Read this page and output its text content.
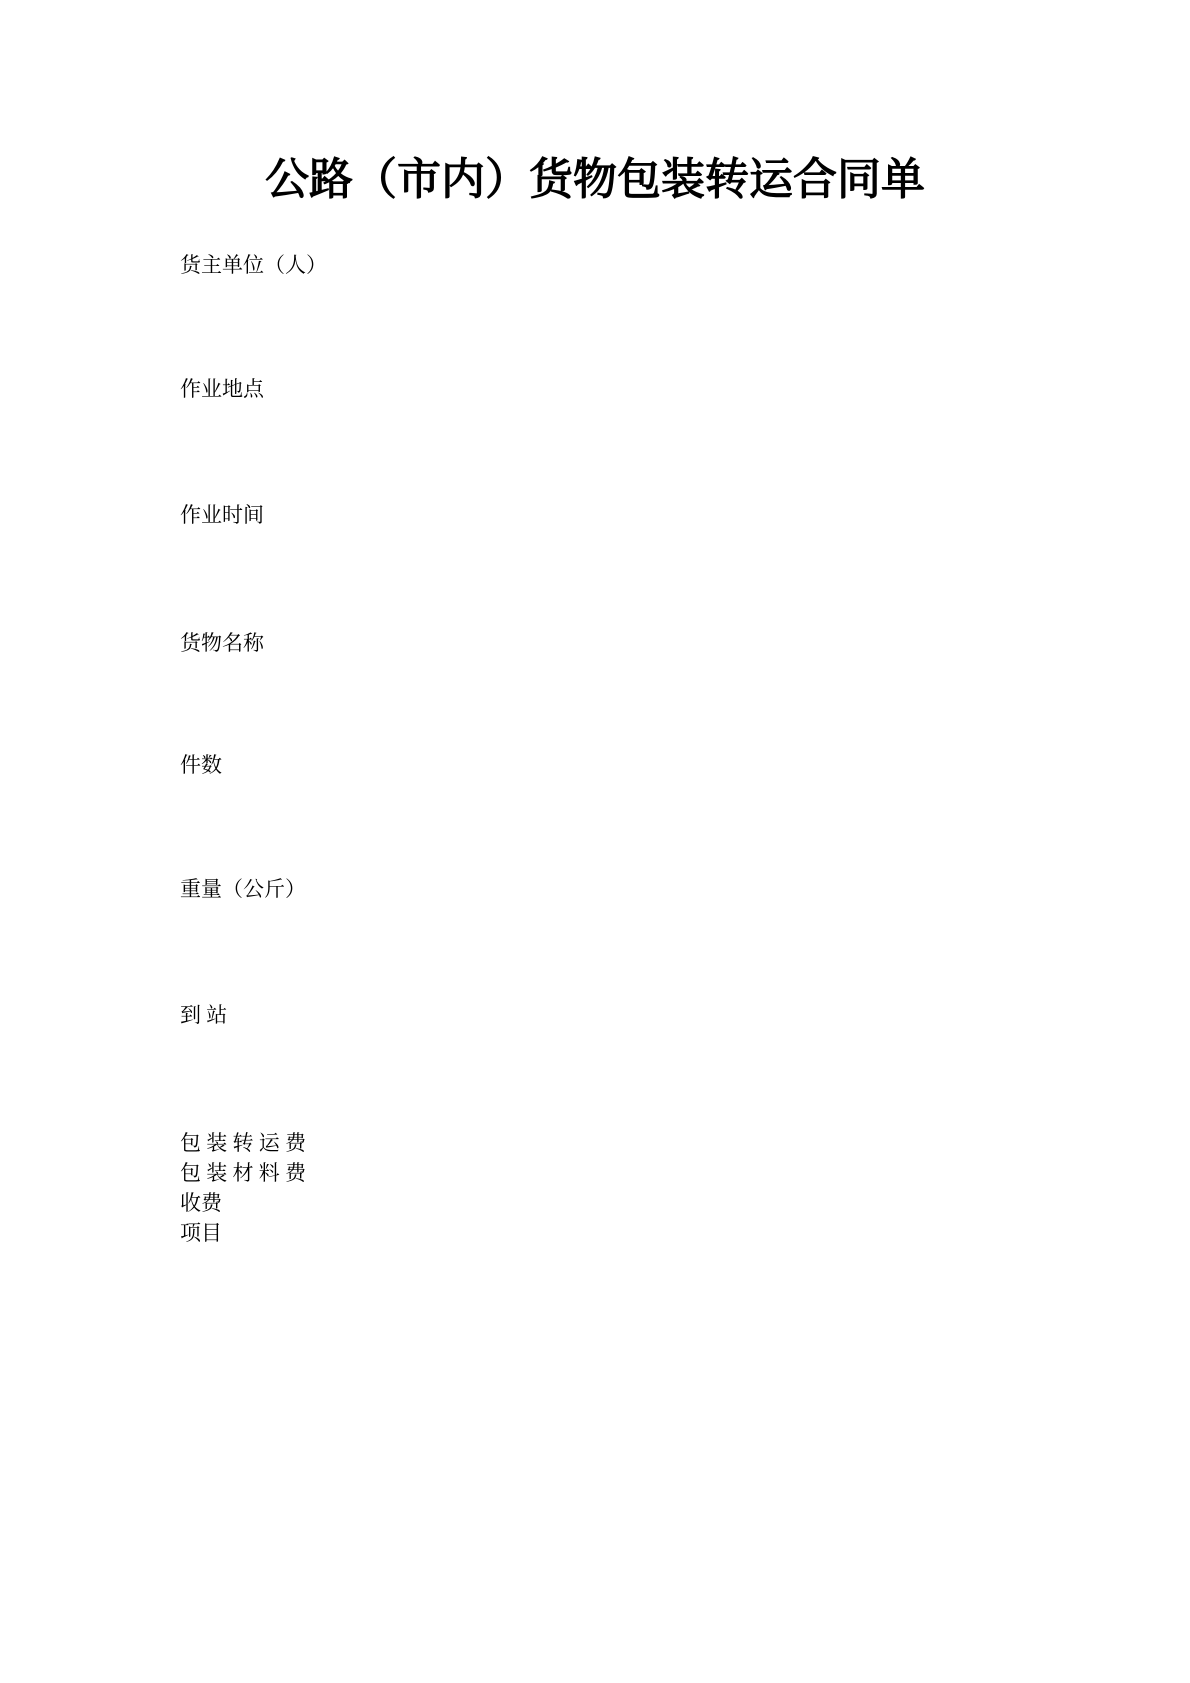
公路（市内）货物包装转运合同单
货主单位（人）
作业地点
作业时间
货物名称
件数
重量（公斤）
到 站
包 装 转 运 费
包 装 材 料 费
收费
项目
